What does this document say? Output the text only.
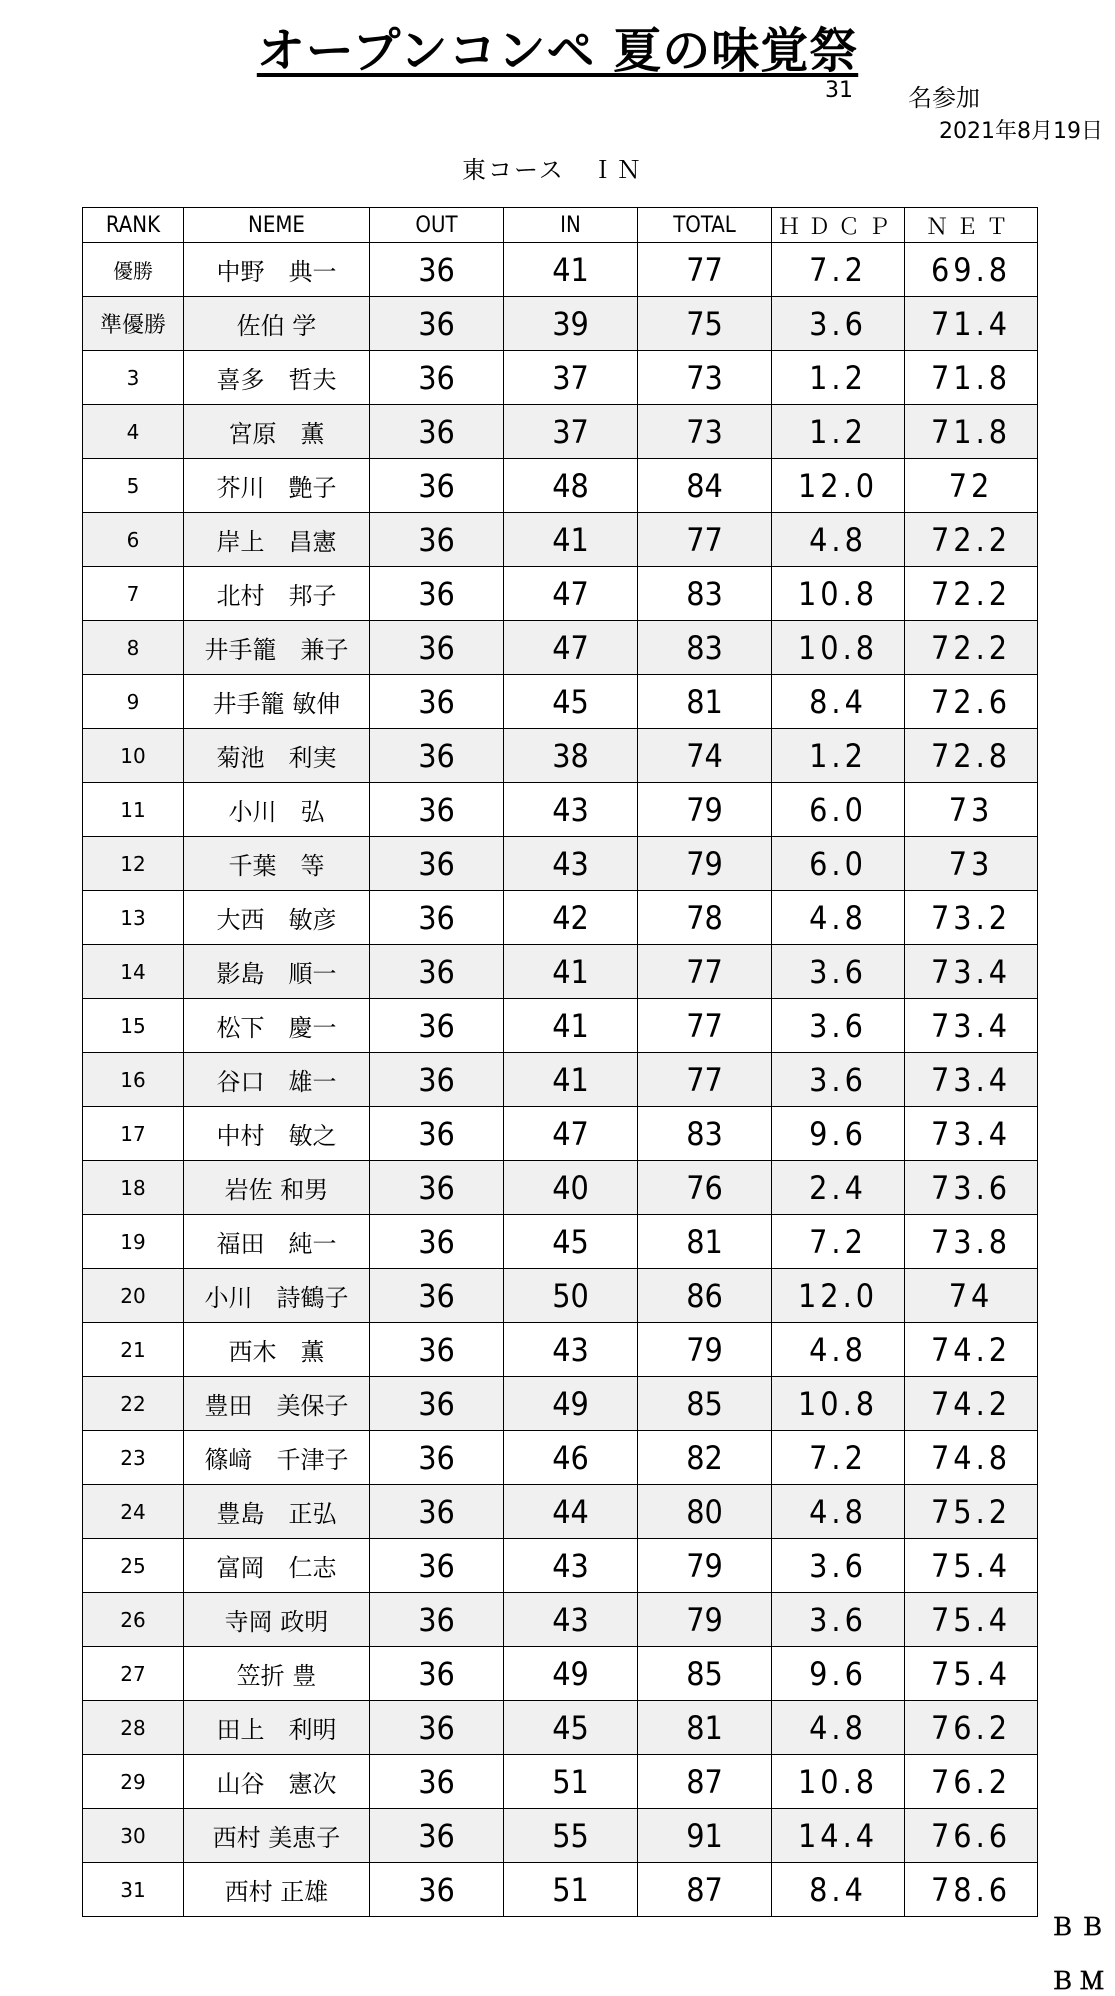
オープンコンペ 夏の味覚祭
31 名参加
2021年8月19日
東コース　ＩＮ
RANK	NEME	OUT	IN	TOTAL	ＨＤＣＰ	ＮＥＴ
優勝	中野　典一	36	41	77	7.2	69.8
準優勝	佐伯 学	36	39	75	3.6	71.4
3	喜多　哲夫	36	37	73	1.2	71.8
4	宮原　薫	36	37	73	1.2	71.8
5	芥川　艶子	36	48	84	12.0	72
6	岸上　昌憲	36	41	77	4.8	72.2
7	北村　邦子	36	47	83	10.8	72.2
8	井手籠　兼子	36	47	83	10.8	72.2
9	井手籠 敏伸	36	45	81	8.4	72.6
10	菊池　利実	36	38	74	1.2	72.8
11	小川　弘	36	43	79	6.0	73
12	千葉　等	36	43	79	6.0	73
13	大西　敏彦	36	42	78	4.8	73.2
14	影島　順一	36	41	77	3.6	73.4
15	松下　慶一	36	41	77	3.6	73.4
16	谷口　雄一	36	41	77	3.6	73.4
17	中村　敏之	36	47	83	9.6	73.4
18	岩佐 和男	36	40	76	2.4	73.6
19	福田　純一	36	45	81	7.2	73.8
20	小川　詩鶴子	36	50	86	12.0	74
21	西木　薫	36	43	79	4.8	74.2
22	豊田　美保子	36	49	85	10.8	74.2
23	篠﨑　千津子	36	46	82	7.2	74.8
24	豊島　正弘	36	44	80	4.8	75.2
25	富岡　仁志	36	43	79	3.6	75.4
26	寺岡 政明	36	43	79	3.6	75.4
27	笠折 豊	36	49	85	9.6	75.4
28	田上　利明	36	45	81	4.8	76.2
29	山谷　憲次	36	51	87	10.8	76.2
30	西村 美恵子	36	55	91	14.4	76.6
31	西村 正雄	36	51	87	8.4	78.6
ＢＢ
ＢＭ
